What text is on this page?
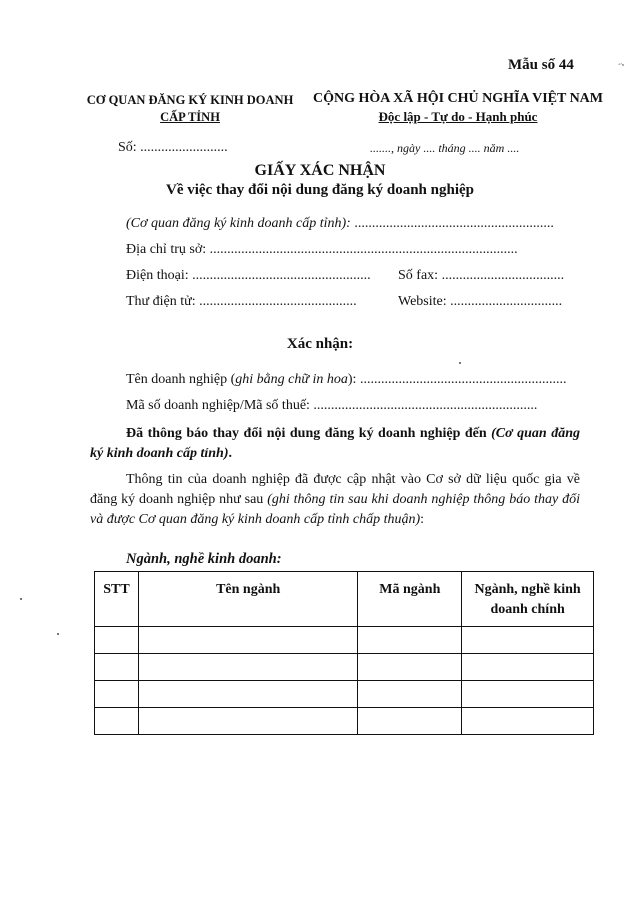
Mẫu số 44	‘′ⁿ
CƠ QUAN ĐĂNG KÝ KINH DOANH
CẤP TỈNH
CỘNG HÒA XÃ HỘI CHỦ NGHĨA VIỆT NAM
Độc lập - Tự do - Hạnh phúc
Số: .........................	......., ngày .... tháng .... năm ....
GIẤY XÁC NHẬN
Về việc thay đổi nội dung đăng ký doanh nghiệp
(Cơ quan đăng ký kinh doanh cấp tỉnh): .........................................................
Địa chỉ trụ sở: ........................................................................................
Điện thoại: ................................................... Số fax: ...................................
Thư điện tử: .............................................	Website: ................................
Xác nhận:
Tên doanh nghiệp (ghi bằng chữ in hoa): ...........................................................
Mã số doanh nghiệp/Mã số thuế: ................................................................
Đã thông báo thay đổi nội dung đăng ký doanh nghiệp đến (Cơ quan đăng ký kinh doanh cấp tỉnh).
Thông tin của doanh nghiệp đã được cập nhật vào Cơ sở dữ liệu quốc gia về đăng ký doanh nghiệp như sau (ghi thông tin sau khi doanh nghiệp thông báo thay đổi và được Cơ quan đăng ký kinh doanh cấp tỉnh chấp thuận):
Ngành, nghề kinh doanh:
STT	Tên ngành	Mã ngành	Ngành, nghề kinh doanh chính
